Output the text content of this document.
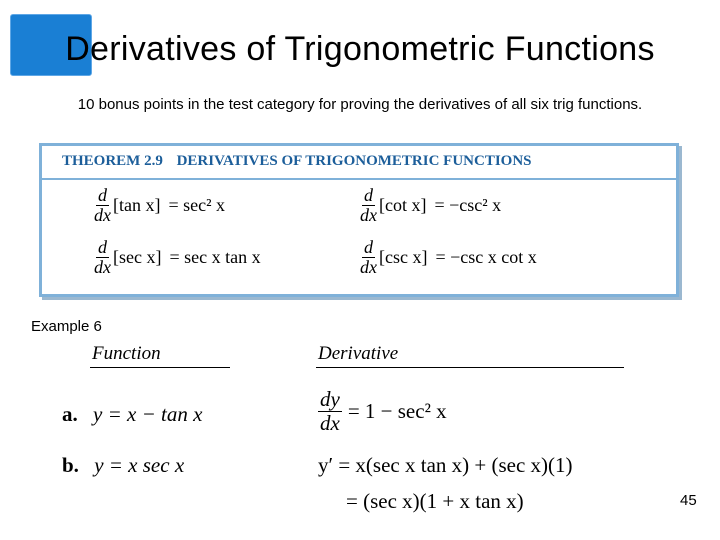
Derivatives of Trigonometric Functions
10 bonus points in the test category for proving the derivatives of all six trig functions.
THEOREM 2.9 DERIVATIVES OF TRIGONOMETRIC FUNCTIONS
$\frac{d}{dx} [\tan$ x] = sec² x	$\frac{d}{dx} [\cot$ x] = −csc² x
$\frac{d}{dx} [\sec$ x] = sec x tan x	$\frac{d}{dx} [\csc$ x] = −csc x cot x
Example 6
Function	Derivative
a. y = x − tan x	$\frac{dy}{dx} = 1 - \sec^2$ x
b. y = x sec x	y′ = x(sec x tan x) + (sec x)(1)
= (sec x)(1 + x tan x)	45
